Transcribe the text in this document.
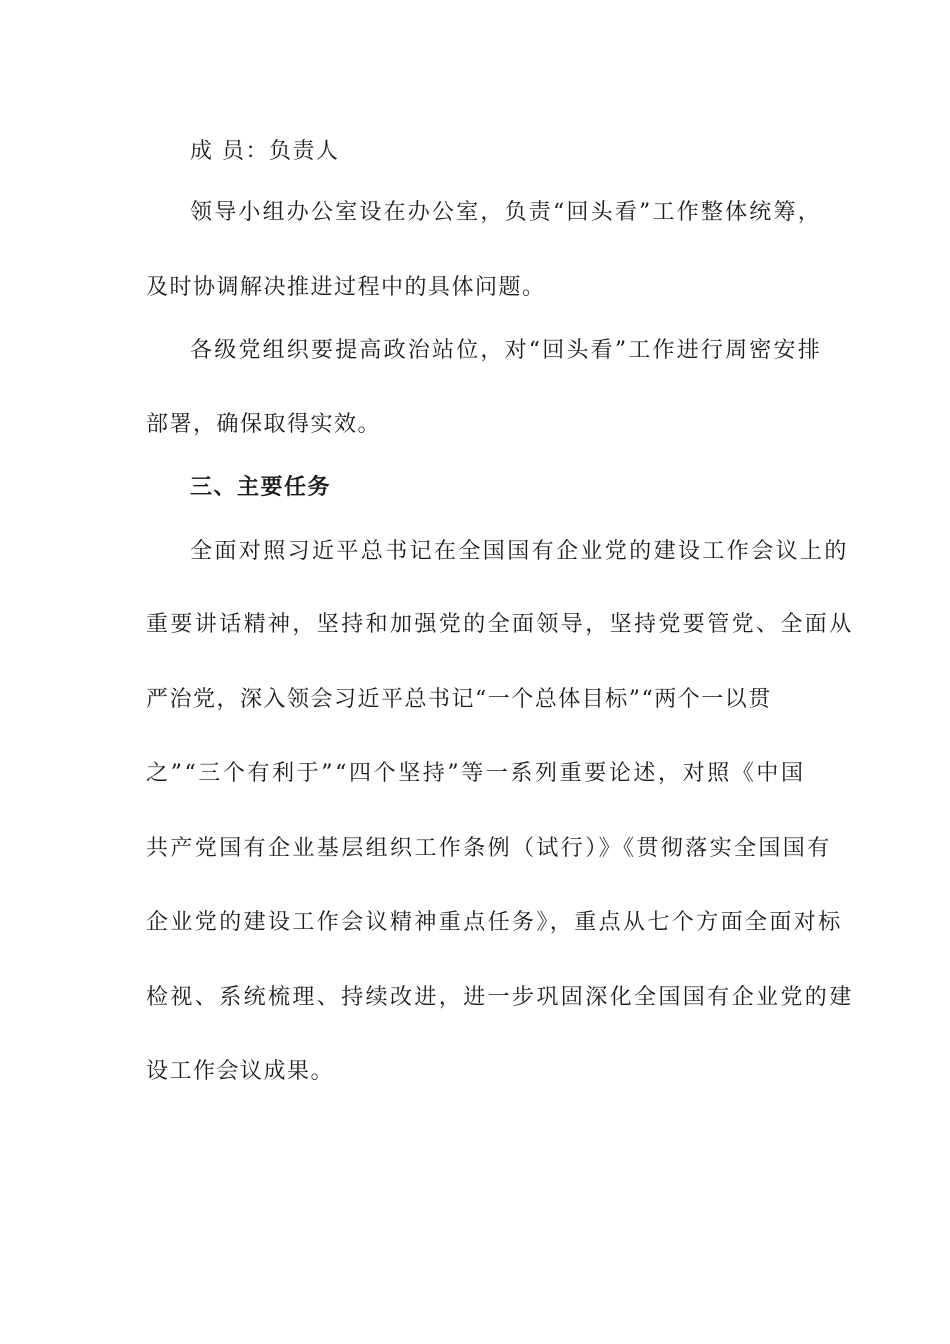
成 员：负责人
领导小组办公室设在办公室，负责“回头看”工作整体统筹，
及时协调解决推进过程中的具体问题。
各级党组织要提高政治站位，对“回头看”工作进行周密安排
部署，确保取得实效。
三、主要任务
全面对照习近平总书记在全国国有企业党的建设工作会议上的
重要讲话精神，坚持和加强党的全面领导，坚持党要管党、全面从
严治党，深入领会习近平总书记“一个总体目标”“两个一以贯
之”“三个有利于”“四个坚持”等一系列重要论述，对照《中国
共产党国有企业基层组织工作条例（试行）》《贯彻落实全国国有
企业党的建设工作会议精神重点任务》，重点从七个方面全面对标
检视、系统梳理、持续改进，进一步巩固深化全国国有企业党的建
设工作会议成果。
